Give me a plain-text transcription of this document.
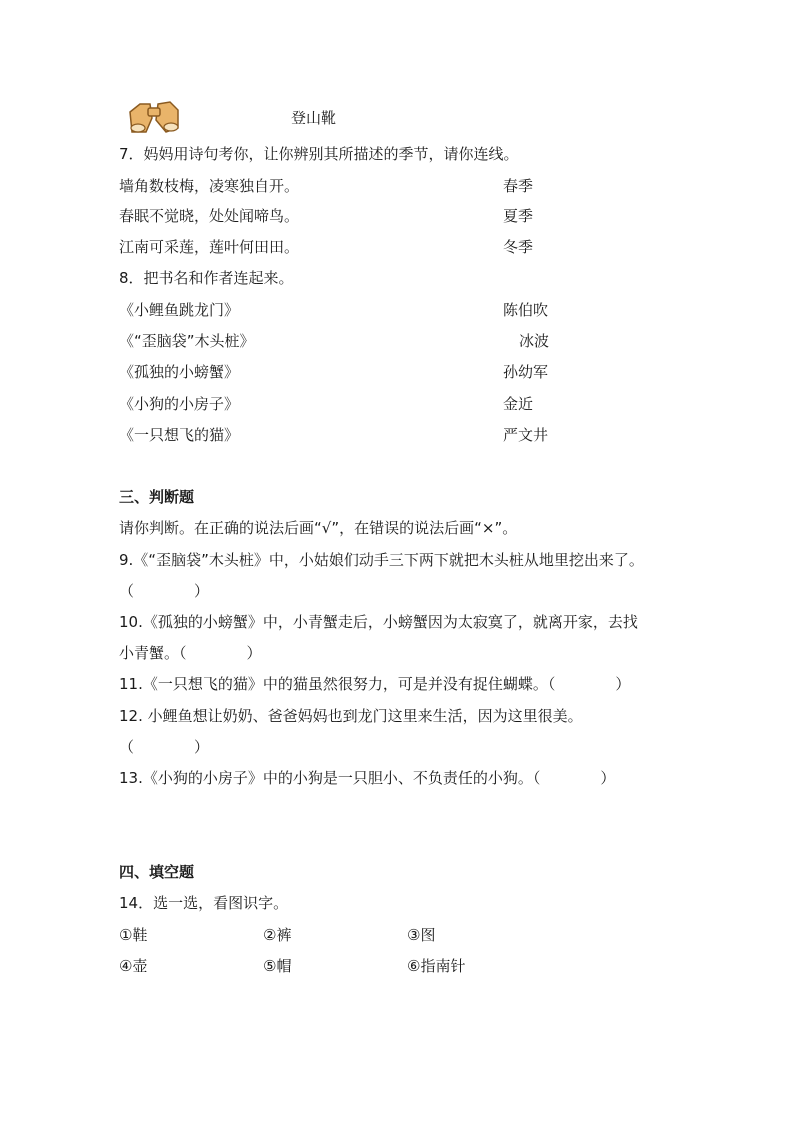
登山靴
7．妈妈用诗句考你，让你辨别其所描述的季节，请你连线。
墙角数枝梅，凌寒独自开。	春季
春眠不觉晓，处处闻啼鸟。	夏季
江南可采莲，莲叶何田田。	冬季
8．把书名和作者连起来。
《小鲤鱼跳龙门》	陈伯吹
《“歪脑袋”木头桩》	冰波
《孤独的小螃蟹》	孙幼军
《小狗的小房子》	金近
《一只想飞的猫》	严文井
三、判断题
请你判断。在正确的说法后画“√”，在错误的说法后画“×”。
9.《“歪脑袋”木头桩》中，小姑娘们动手三下两下就把木头桩从地里挖出来了。
（　　　　）
10.《孤独的小螃蟹》中，小青蟹走后，小螃蟹因为太寂寞了，就离开家，去找
小青蟹。（　　　　）
11.《一只想飞的猫》中的猫虽然很努力，可是并没有捉住蝴蝶。（　　　　）
12. 小鲤鱼想让奶奶、爸爸妈妈也到龙门这里来生活，因为这里很美。
（　　　　）
13.《小狗的小房子》中的小狗是一只胆小、不负责任的小狗。（　　　　）
四、填空题
14．选一选，看图识字。
①鞋	②裤	③图
④壶	⑤帽	⑥指南针
